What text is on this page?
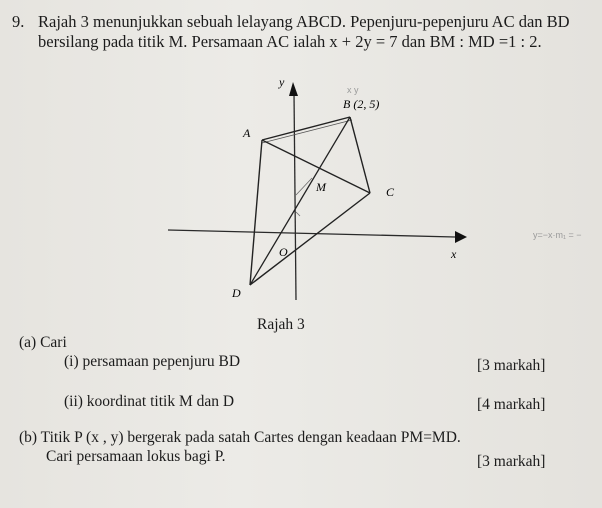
9. Rajah 3 menunjukkan sebuah lelayang ABCD. Pepenjuru-pepenjuru AC dan BD
bersilang pada titik M. Persamaan AC ialah x + 2y = 7 dan BM : MD =1 : 2.
x y
y=−x·m₁ = −
y
x
O
A
B (2, 5)
C
D
M
Rajah 3
(a) Cari
(i) persamaan pepenjuru BD	[3 markah]
(ii) koordinat titik M dan D	[4 markah]
(b) Titik P (x , y) bergerak pada satah Cartes dengan keadaan PM=MD.
Cari persamaan lokus bagi P.	[3 markah]
